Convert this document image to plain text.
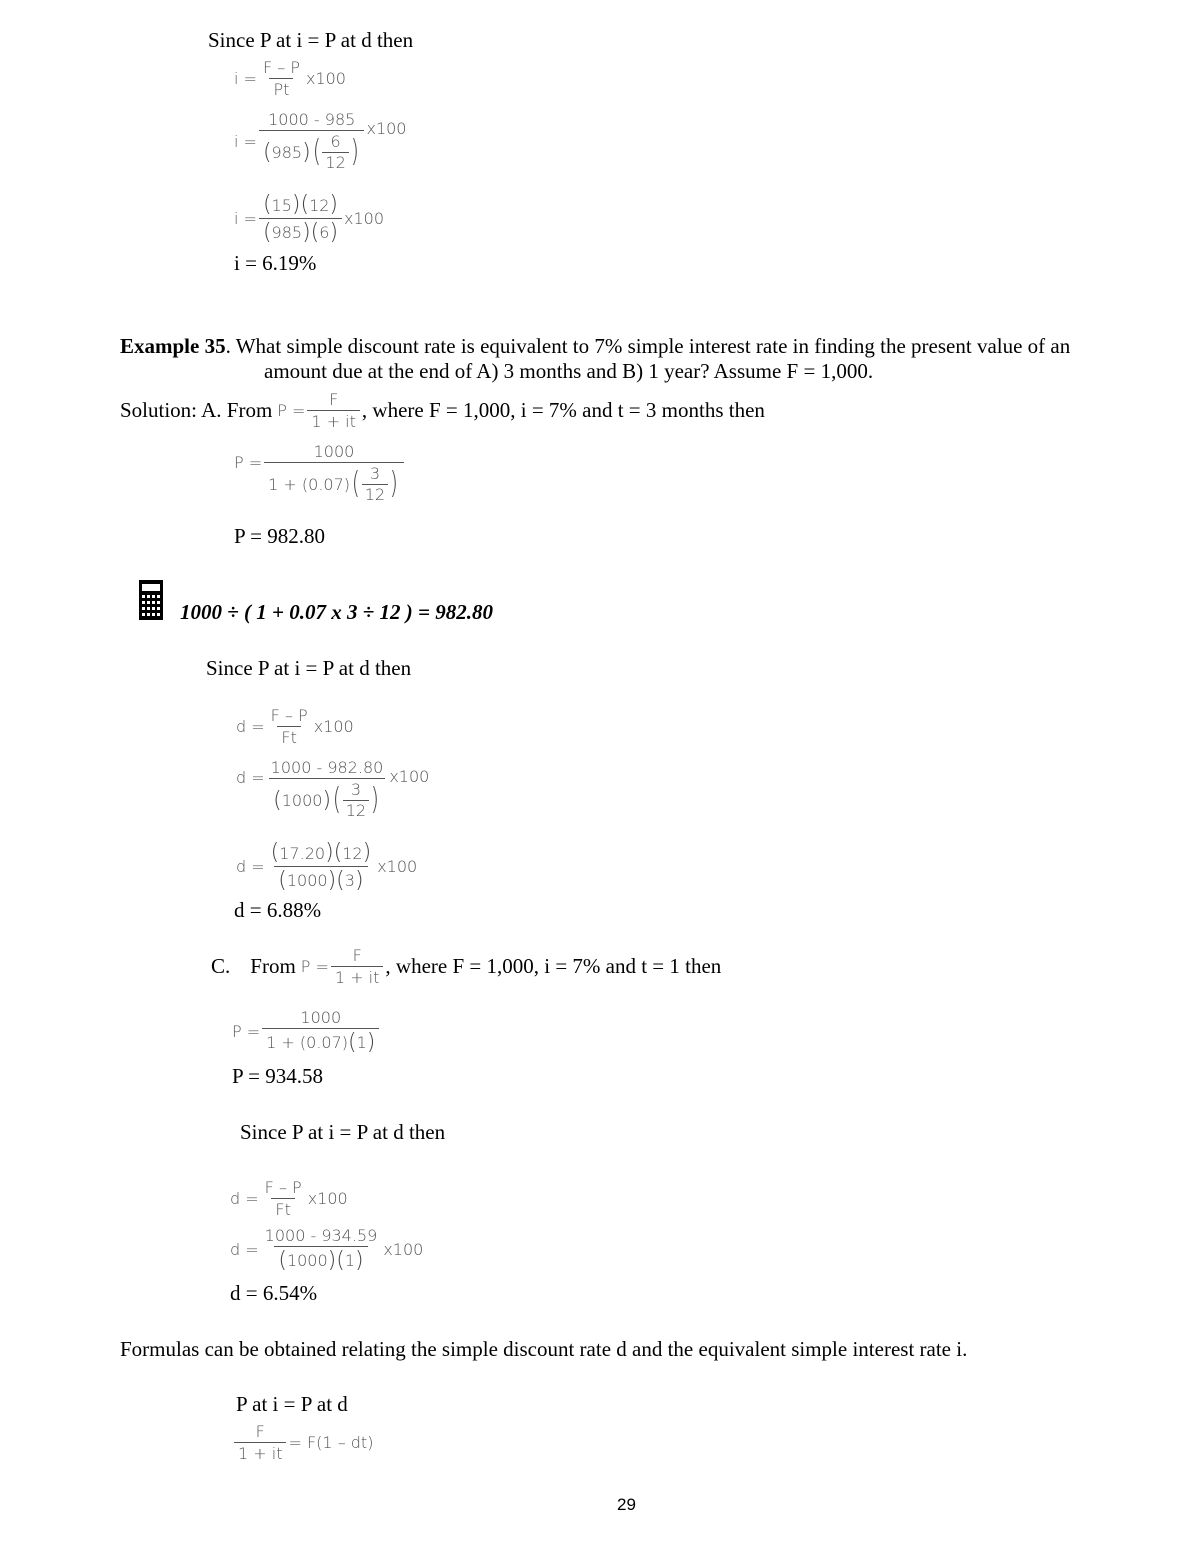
Since P at i = P at d then
$i = \frac{F - P}{Pt} x100$
i = 1000 - 985
( 985 ) ( 6
12 ) x100
$i = \frac{(15)(12)}{( 985 )( 6 )} x100$
i = 6.19%
Example 35. What simple discount rate is equivalent to 7% simple interest rate in finding the present value of an
amount due at the end of A) 3 months and B) 1 year? Assume F = 1,000.
Solution: A. From $P = \frac{F}{1 + it}$ , where F = 1,000, i = 7% and t = 3 months then
P = 1000
1 + (0.07) ( 3
12 )
P = 982.80
1000 ÷ ( 1 + 0.07 x 3 ÷ 12 ) = 982.80
Since P at i = P at d then
$d = \frac{F - P}{Ft} x100$
d = 1000 - 982.80
( 1000 ) ( 3
12 ) x100
$d = \frac{(17.20)(12)}{( 1000 )( 3 )} x100$
d = 6.88%
C. From $P = \frac{F}{1 + it}$ , where F = 1,000, i = 7% and t = 1 then
$P = \frac{1000}{1 + (0.07) ( 1 )}$
P = 934.58
Since P at i = P at d then
$d = \frac{F - P}{Ft} x100$
$d = \frac{1000 - 934.59}{( 1000 )( 1 )} x100$
d = 6.54%
Formulas can be obtained relating the simple discount rate d and the equivalent simple interest rate i.
P at i = P at d
$\frac{F}{1 + it} = F(1 - dt)$
29
